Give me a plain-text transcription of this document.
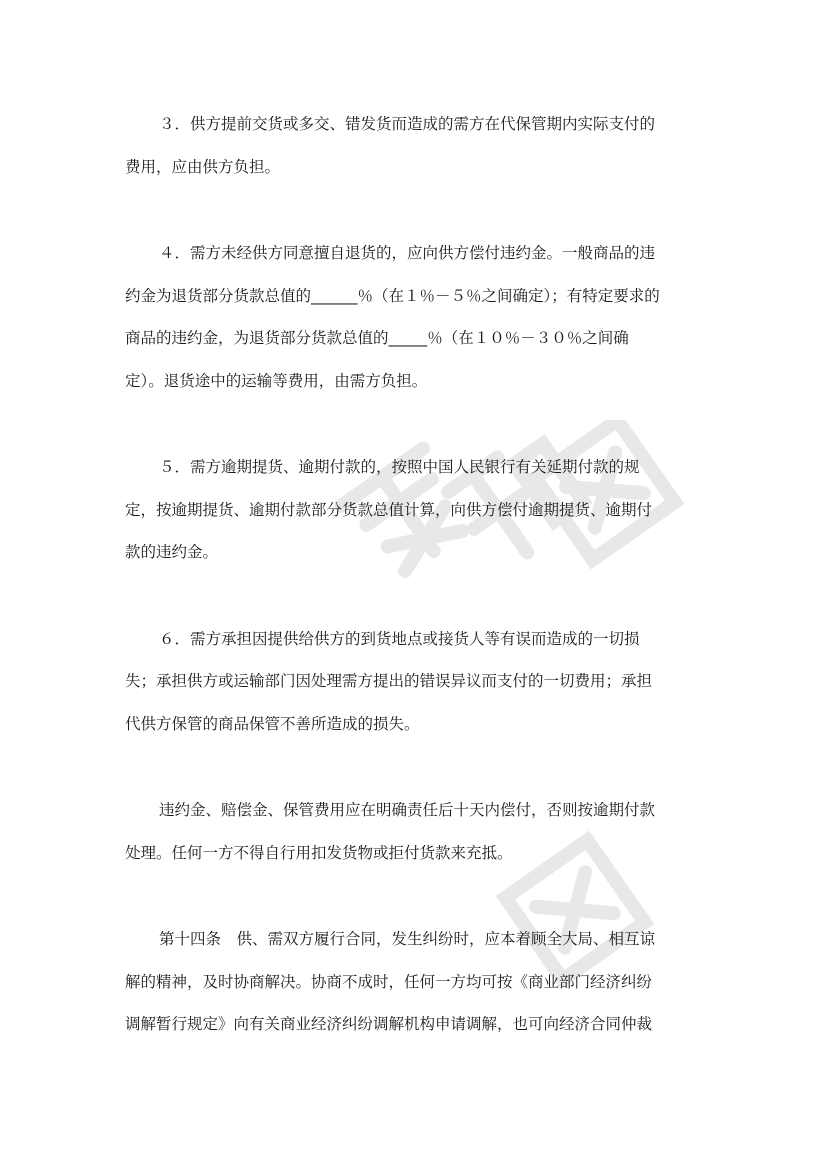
３．供方提前交货或多交、错发货而造成的需方在代保管期内实际支付的
费用，应由供方负担。

４．需方未经供方同意擅自退货的，应向供方偿付违约金。一般商品的违
约金为退货部分货款总值的______％（在１％－５％之间确定）；有特定要求的
商品的违约金，为退货部分货款总值的_____％（在１０％－３０％之间确
定）。退货途中的运输等费用，由需方负担。

５．需方逾期提货、逾期付款的，按照中国人民银行有关延期付款的规
定，按逾期提货、逾期付款部分货款总值计算，向供方偿付逾期提货、逾期付
款的违约金。

６．需方承担因提供给供方的到货地点或接货人等有误而造成的一切损
失；承担供方或运输部门因处理需方提出的错误异议而支付的一切费用；承担
代供方保管的商品保管不善所造成的损失。

违约金、赔偿金、保管费用应在明确责任后十天内偿付，否则按逾期付款
处理。任何一方不得自行用扣发货物或拒付货款来充抵。

第十四条　供、需双方履行合同，发生纠纷时，应本着顾全大局、相互谅
解的精神，及时协商解决。协商不成时，任何一方均可按《商业部门经济纠纷
调解暂行规定》向有关商业经济纠纷调解机构申请调解，也可向经济合同仲裁
